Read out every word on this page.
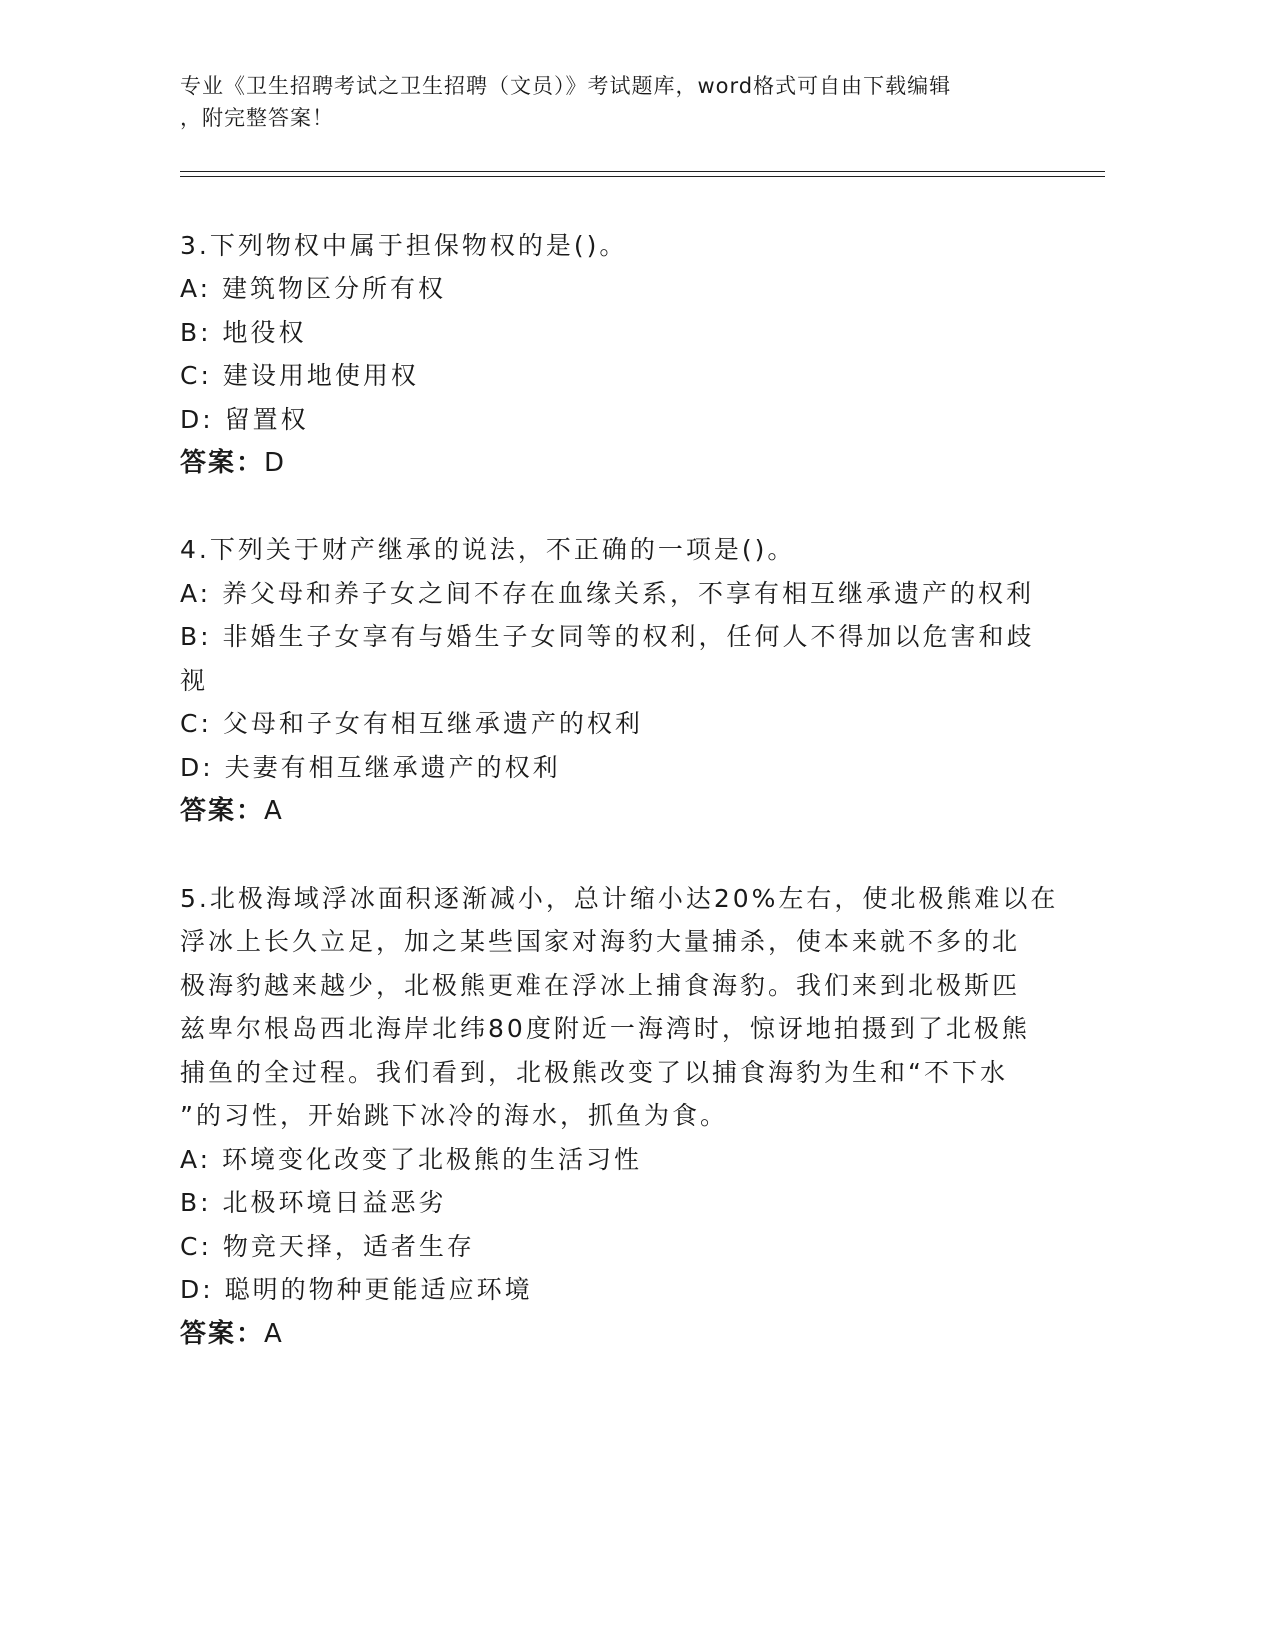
专业《卫生招聘考试之卫生招聘（文员）》考试题库，word格式可自由下载编辑
，附完整答案！
3.下列物权中属于担保物权的是()。
A: 建筑物区分所有权
B: 地役权
C: 建设用地使用权
D: 留置权
答案：D
4.下列关于财产继承的说法，不正确的一项是()。
A: 养父母和养子女之间不存在血缘关系，不享有相互继承遗产的权利
B: 非婚生子女享有与婚生子女同等的权利，任何人不得加以危害和歧
视
C: 父母和子女有相互继承遗产的权利
D: 夫妻有相互继承遗产的权利
答案：A
5.北极海域浮冰面积逐渐减小，总计缩小达20%左右，使北极熊难以在
浮冰上长久立足，加之某些国家对海豹大量捕杀，使本来就不多的北
极海豹越来越少，北极熊更难在浮冰上捕食海豹。我们来到北极斯匹
兹卑尔根岛西北海岸北纬80度附近一海湾时，惊讶地拍摄到了北极熊
捕鱼的全过程。我们看到，北极熊改变了以捕食海豹为生和“不下水
”的习性，开始跳下冰冷的海水，抓鱼为食。
A: 环境变化改变了北极熊的生活习性
B: 北极环境日益恶劣
C: 物竞天择，适者生存
D: 聪明的物种更能适应环境
答案：A
